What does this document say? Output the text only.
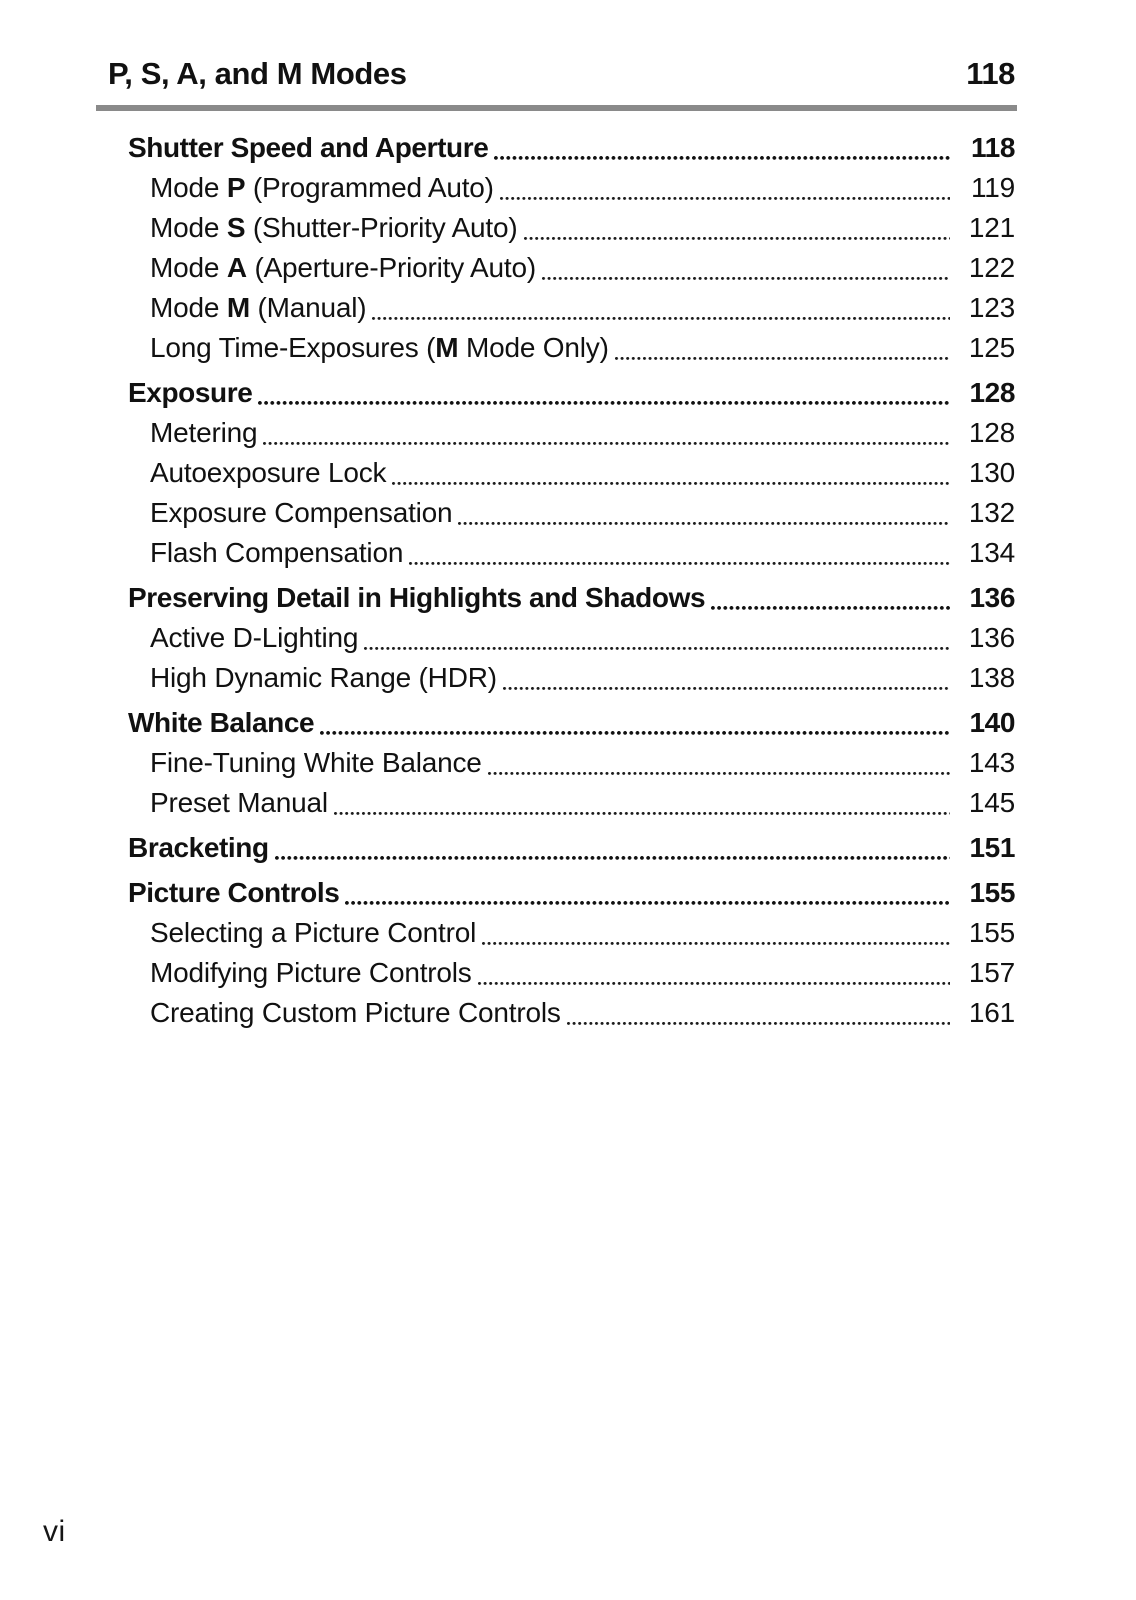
P, S, A, and M Modes	118
Shutter Speed and Aperture	118
Mode P (Programmed Auto)	119
Mode S (Shutter-Priority Auto)	121
Mode A (Aperture-Priority Auto)	122
Mode M (Manual)	123
Long Time-Exposures (M Mode Only)	125
Exposure	128
Metering	128
Autoexposure Lock	130
Exposure Compensation	132
Flash Compensation	134
Preserving Detail in Highlights and Shadows	136
Active D-Lighting	136
High Dynamic Range (HDR)	138
White Balance	140
Fine-Tuning White Balance	143
Preset Manual	145
Bracketing	151
Picture Controls	155
Selecting a Picture Control	155
Modifying Picture Controls	157
Creating Custom Picture Controls	161
vi
